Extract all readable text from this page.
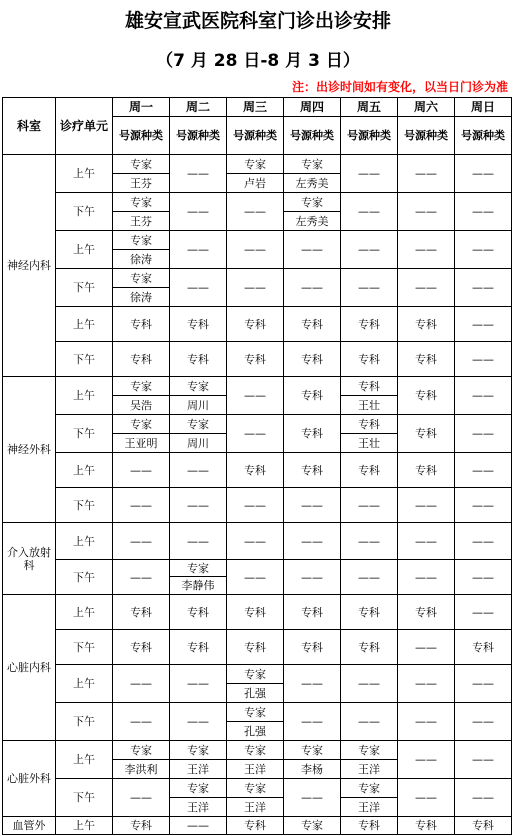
雄安宣武医院科室门诊出诊安排
（7 月 28 日-8 月 3 日）
注：出诊时间如有变化，以当日门诊为准
科室	诊疗单元	周一	周二	周三	周四	周五	周六	周日
		号源种类	号源种类	号源种类	号源种类	号源种类	号源种类	号源种类
神经内科	上午	专家	——	专家	专家	——	——	——
		王芬		卢岩	左秀美			
	下午	专家	——	——	专家	——	——	——
		王芬			左秀美			
	上午	专家	——	——	——	——	——	——
		徐涛						
	下午	专家	——	——	——	——	——	——
		徐涛						
	上午	专科	专科	专科	专科	专科	专科	——

	下午	专科	专科	专科	专科	专科	专科	——

神经外科	上午	专家	专家	——	专科	专科	专科	——
		吴浩	周川			王壮		
	下午	专家	专家	——	专科	专科	专科	——
		王亚明	周川			王壮		
	上午	——	——	专科	专科	专科	专科	——

	下午	——	——	——	——	——	——	——

介入放射科	上午	——	——	——	——	——	——	——

	下午	——	专家	——	——	——	——	——
			李静伟					
心脏内科	上午	专科	专科	专科	专科	专科	专科	——

	下午	专科	专科	专科	专科	专科	——	专科

	上午	——	——	专家	——	——	——	——
				孔强				
	下午	——	——	专家	——	——	——	——
				孔强				
心脏外科	上午	专家	专家	专家	专家	专家	——	——
		李洪利	王洋	王洋	李杨	王洋		
	下午	——	专家	专家	——	专家	——	——
			王洋	王洋		王洋		
血管外	上午	专科	——	专科	专家	专科	专科	专科
